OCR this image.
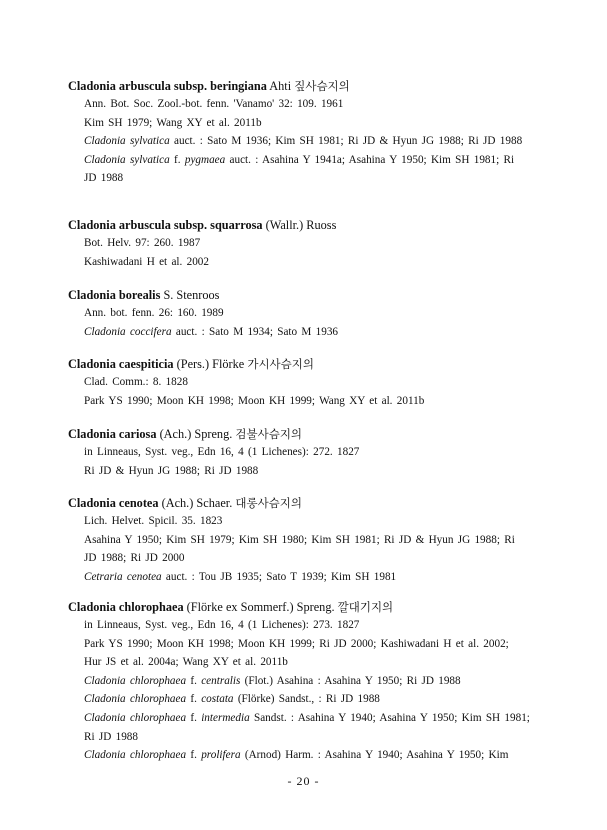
Cladonia arbuscula subsp. beringiana Ahti 짚사슴지의

Ann. Bot. Soc. Zool.-bot. fenn. 'Vanamo' 32: 109. 1961

Kim SH 1979; Wang XY et al. 2011b

Cladonia sylvatica auct. : Sato M 1936; Kim SH 1981; Ri JD & Hyun JG 1988; Ri JD 1988

Cladonia sylvatica f. pygmaea auct. : Asahina Y 1941a; Asahina Y 1950; Kim SH 1981; Ri JD 1988

Cladonia arbuscula subsp. squarrosa (Wallr.) Ruoss

Bot. Helv. 97: 260. 1987

Kashiwadani H et al. 2002

Cladonia borealis S. Stenroos

Ann. bot. fenn. 26: 160. 1989

Cladonia coccifera auct. : Sato M 1934; Sato M 1936

Cladonia caespiticia (Pers.) Flörke 가시사슴지의

Clad. Comm.: 8. 1828

Park YS 1990; Moon KH 1998; Moon KH 1999; Wang XY et al. 2011b

Cladonia cariosa (Ach.) Spreng. 검불사슴지의

in Linneaus, Syst. veg., Edn 16, 4 (1 Lichenes): 272. 1827

Ri JD & Hyun JG 1988; Ri JD 1988

Cladonia cenotea (Ach.) Schaer. 대롱사슴지의

Lich. Helvet. Spicil. 35. 1823

Asahina Y 1950; Kim SH 1979; Kim SH 1980; Kim SH 1981; Ri JD & Hyun JG 1988; Ri JD 1988; Ri JD 2000

Cetraria cenotea auct. : Tou JB 1935; Sato T 1939; Kim SH 1981

Cladonia chlorophaea (Flörke ex Sommerf.) Spreng. 깔대기지의

in Linneaus, Syst. veg., Edn 16, 4 (1 Lichenes): 273. 1827

Park YS 1990; Moon KH 1998; Moon KH 1999; Ri JD 2000; Kashiwadani H et al. 2002; Hur JS et al. 2004a; Wang XY et al. 2011b

Cladonia chlorophaea f. centralis (Flot.) Asahina : Asahina Y 1950; Ri JD 1988

Cladonia chlorophaea f. costata (Flörke) Sandst., : Ri JD 1988

Cladonia chlorophaea f. intermedia Sandst. : Asahina Y 1940; Asahina Y 1950; Kim SH 1981; Ri JD 1988

Cladonia chlorophaea f. prolifera (Arnod) Harm. : Asahina Y 1940; Asahina Y 1950; Kim

- 20 -
